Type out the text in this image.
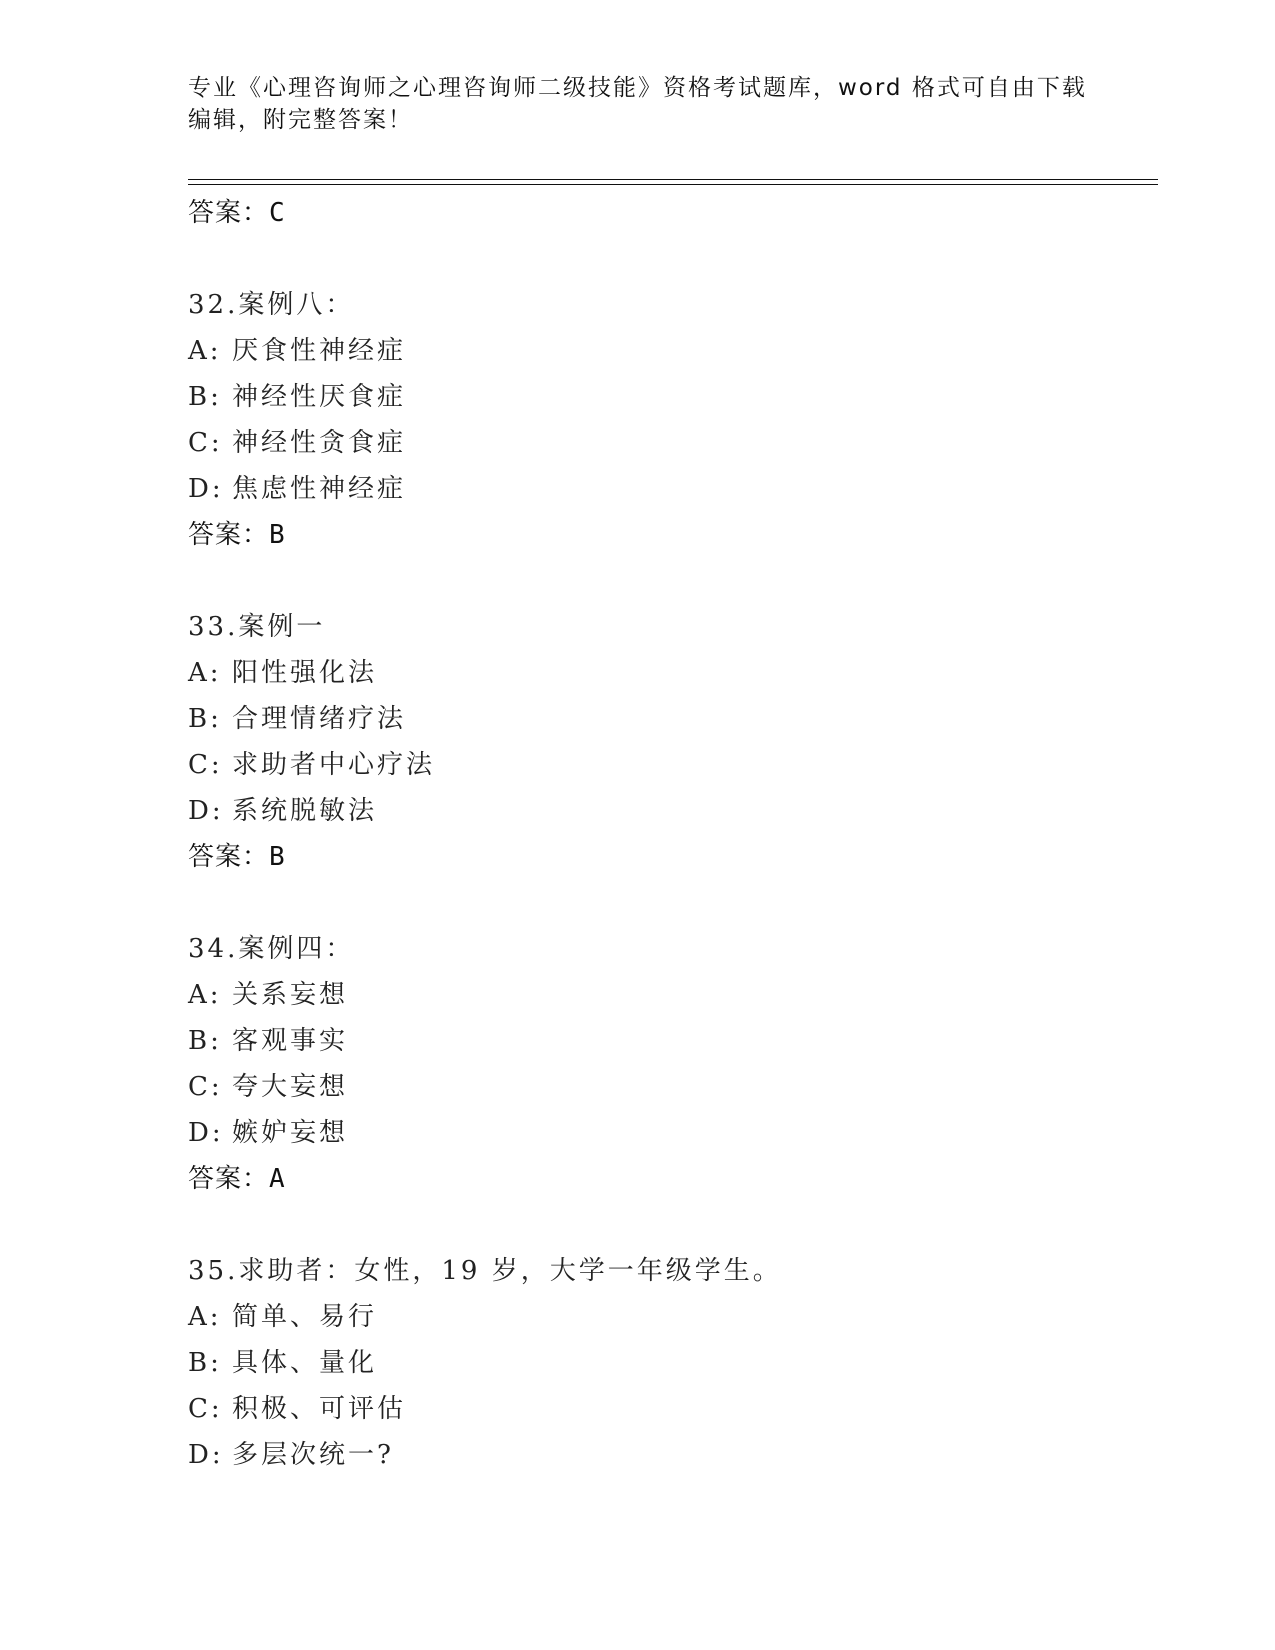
专业《心理咨询师之心理咨询师二级技能》资格考试题库，word 格式可自由下载
编辑，附完整答案！
答案：C
32.案例八：
A: 厌食性神经症
B: 神经性厌食症
C: 神经性贪食症
D: 焦虑性神经症
答案：B
33.案例一
A: 阳性强化法
B: 合理情绪疗法
C: 求助者中心疗法
D: 系统脱敏法
答案：B
34.案例四：
A: 关系妄想
B: 客观事实
C: 夸大妄想
D: 嫉妒妄想
答案：A
35.求助者：女性，19 岁，大学一年级学生。
A: 简单、易行
B: 具体、量化
C: 积极、可评估
D: 多层次统一?
